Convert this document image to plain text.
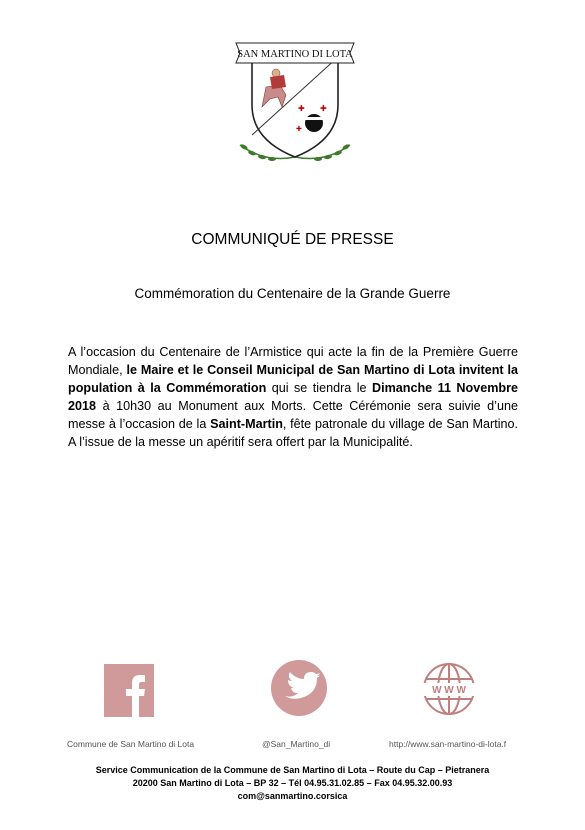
✚ ✚
✚
SAN MARTINO DI LOTA
COMMUNIQUÉ DE PRESSE
Commémoration du Centenaire de la Grande Guerre
A l’occasion du Centenaire de l’Armistice qui acte la fin de la Première Guerre Mondiale, le Maire et le Conseil Municipal de San Martino di Lota invitent la population à la Commémoration qui se tiendra le Dimanche 11 Novembre 2018 à 10h30 au Monument aux Morts. Cette Cérémonie sera suivie d’une messe à l’occasion de la Saint-Martin, fête patronale du village de San Martino. A l’issue de la messe un apéritif sera offert par la Municipalité.
W W W
Commune de San Martino di Lota	@San_Martino_di	http://www.san-martino-di-lota.f
Service Communication de la Commune de San Martino di Lota – Route du Cap – Pietranera
20200 San Martino di Lota – BP 32 – Tél 04.95.31.02.85 – Fax 04.95.32.00.93
com@sanmartino.corsica
